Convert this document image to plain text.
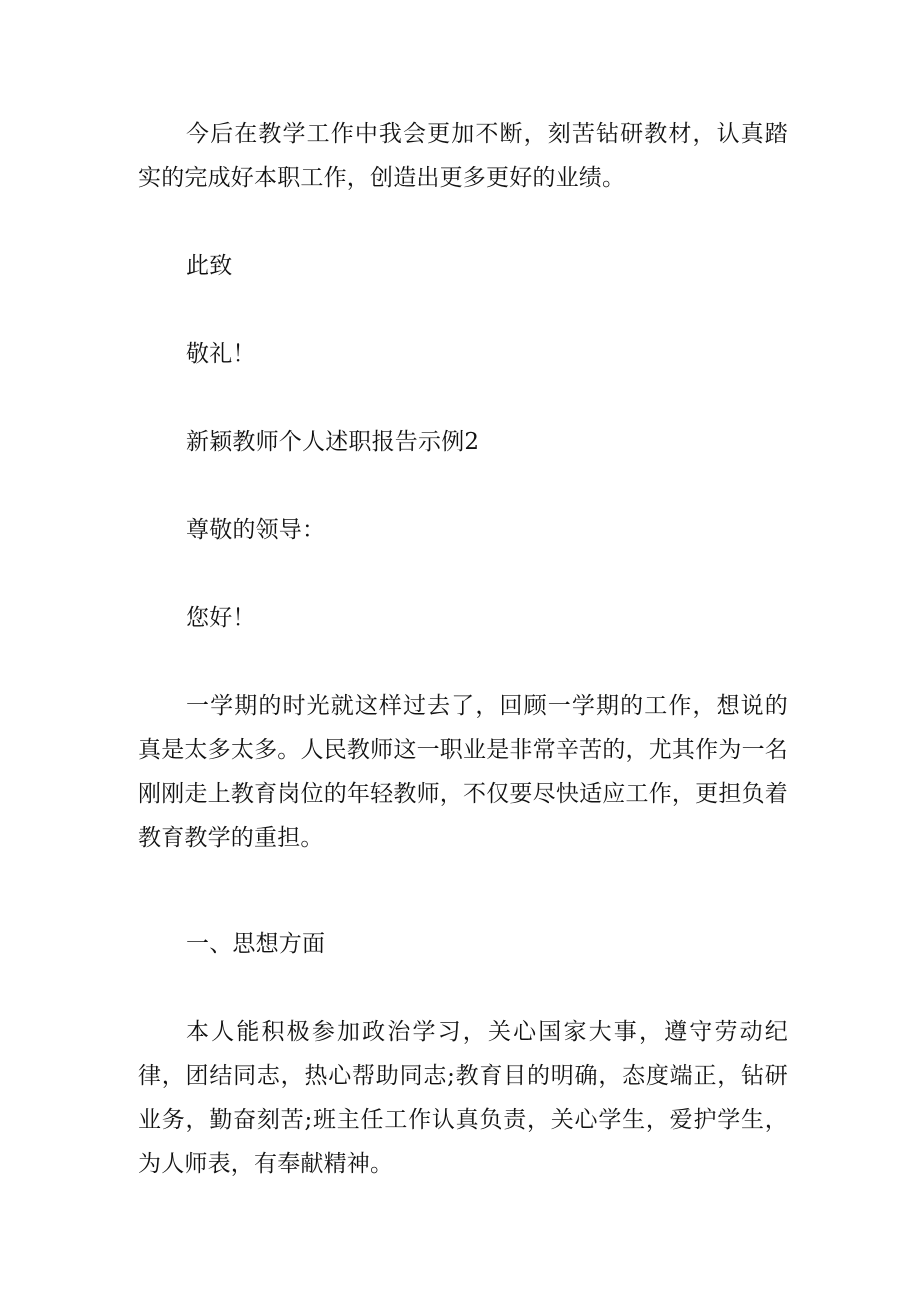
今后在教学工作中我会更加不断，刻苦钻研教材，认真踏实的完成好本职工作，创造出更多更好的业绩。

此致

敬礼！

新颖教师个人述职报告示例2

尊敬的领导：

您好！

一学期的时光就这样过去了，回顾一学期的工作，想说的真是太多太多。人民教师这一职业是非常辛苦的，尤其作为一名刚刚走上教育岗位的年轻教师，不仅要尽快适应工作，更担负着教育教学的重担。

一、思想方面

本人能积极参加政治学习，关心国家大事，遵守劳动纪律，团结同志，热心帮助同志;教育目的明确，态度端正，钻研业务，勤奋刻苦;班主任工作认真负责，关心学生，爱护学生，为人师表，有奉献精神。
